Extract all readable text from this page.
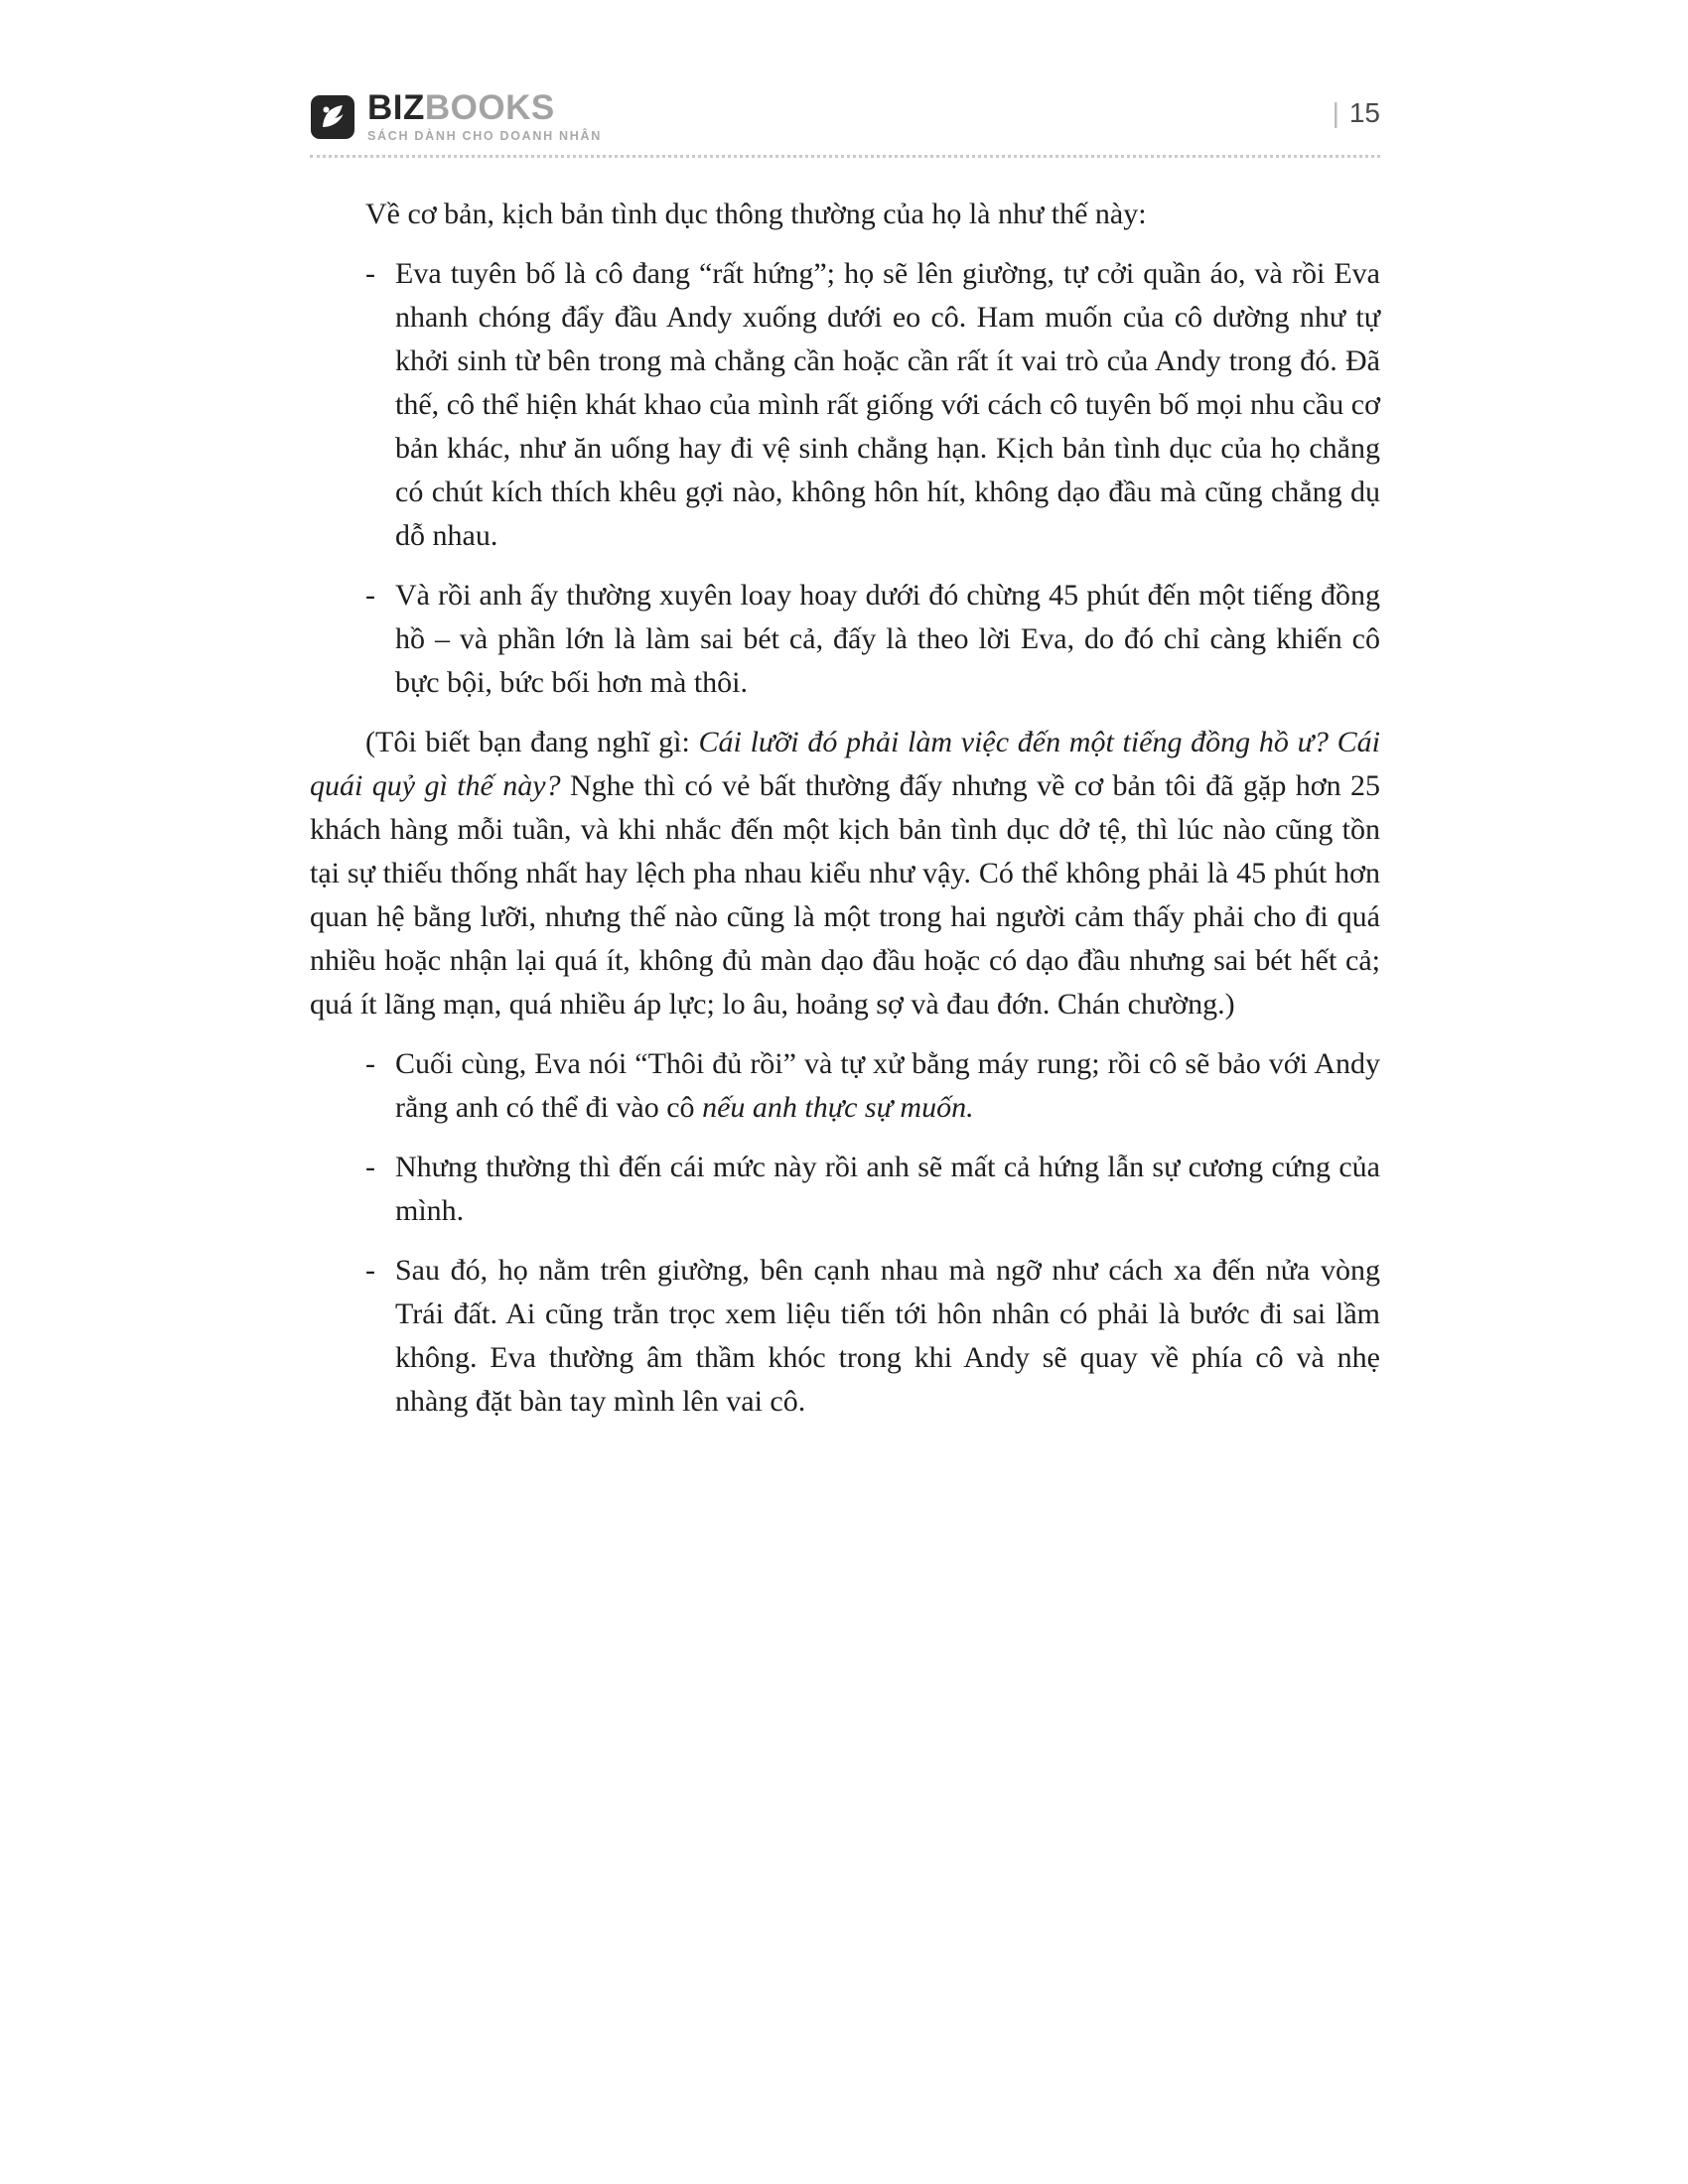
BIZBOOKS
SÁCH DÀNH CHO DOANH NHÂN
| 15

Về cơ bản, kịch bản tình dục thông thường của họ là như thế này:

- Eva tuyên bố là cô đang “rất hứng”; họ sẽ lên giường, tự cởi quần áo, và rồi Eva nhanh chóng đẩy đầu Andy xuống dưới eo cô. Ham muốn của cô dường như tự khởi sinh từ bên trong mà chẳng cần hoặc cần rất ít vai trò của Andy trong đó. Đã thế, cô thể hiện khát khao của mình rất giống với cách cô tuyên bố mọi nhu cầu cơ bản khác, như ăn uống hay đi vệ sinh chẳng hạn. Kịch bản tình dục của họ chẳng có chút kích thích khêu gợi nào, không hôn hít, không dạo đầu mà cũng chẳng dụ dỗ nhau.

- Và rồi anh ấy thường xuyên loay hoay dưới đó chừng 45 phút đến một tiếng đồng hồ – và phần lớn là làm sai bét cả, đấy là theo lời Eva, do đó chỉ càng khiến cô bực bội, bức bối hơn mà thôi.

(Tôi biết bạn đang nghĩ gì: Cái lưỡi đó phải làm việc đến một tiếng đồng hồ ư? Cái quái quỷ gì thế này? Nghe thì có vẻ bất thường đấy nhưng về cơ bản tôi đã gặp hơn 25 khách hàng mỗi tuần, và khi nhắc đến một kịch bản tình dục dở tệ, thì lúc nào cũng tồn tại sự thiếu thống nhất hay lệch pha nhau kiểu như vậy. Có thể không phải là 45 phút hơn quan hệ bằng lưỡi, nhưng thế nào cũng là một trong hai người cảm thấy phải cho đi quá nhiều hoặc nhận lại quá ít, không đủ màn dạo đầu hoặc có dạo đầu nhưng sai bét hết cả; quá ít lãng mạn, quá nhiều áp lực; lo âu, hoảng sợ và đau đớn. Chán chường.)

- Cuối cùng, Eva nói “Thôi đủ rồi” và tự xử bằng máy rung; rồi cô sẽ bảo với Andy rằng anh có thể đi vào cô nếu anh thực sự muốn.

- Nhưng thường thì đến cái mức này rồi anh sẽ mất cả hứng lẫn sự cương cứng của mình.

- Sau đó, họ nằm trên giường, bên cạnh nhau mà ngỡ như cách xa đến nửa vòng Trái đất. Ai cũng trằn trọc xem liệu tiến tới hôn nhân có phải là bước đi sai lầm không. Eva thường âm thầm khóc trong khi Andy sẽ quay về phía cô và nhẹ nhàng đặt bàn tay mình lên vai cô.
